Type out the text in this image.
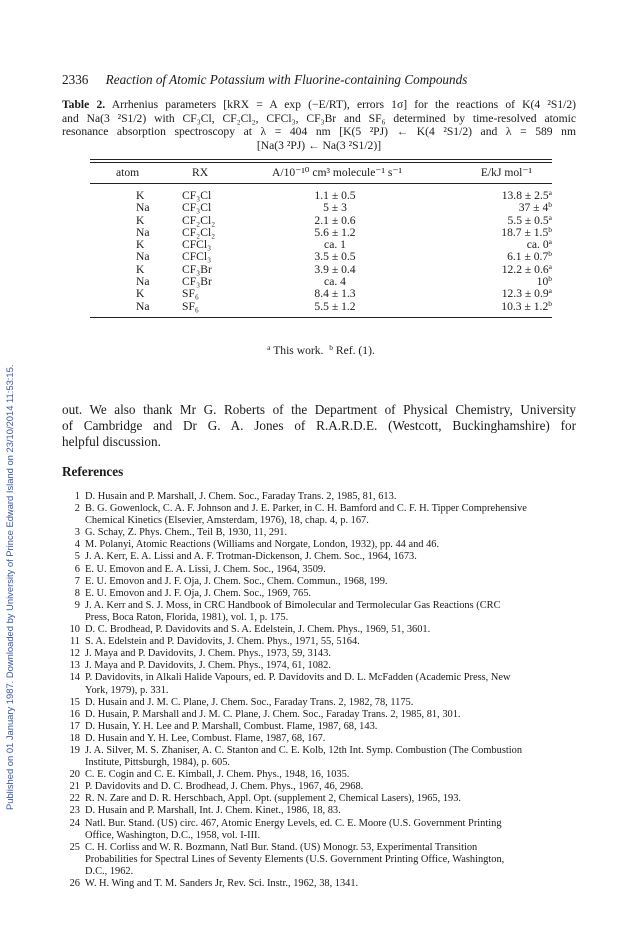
Published on 01 January 1987. Downloaded by University of Prince Edward Island on 23/10/2014 11:53:15.
2336 Reaction of Atomic Potassium with Fluorine-containing Compounds

Table 2. Arrhenius parameters [kRX = A exp (−E/RT), errors 1σ] for the reactions of K(4 ²S1/2)

and Na(3 ²S1/2) with CF₃Cl, CF₂Cl₂, CFCl₃, CF₃Br and SF₆ determined by time-resolved atomic

resonance absorption spectroscopy at λ = 404 nm [K(5 ²PJ) ← K(4 ²S1/2) and λ = 589 nm

[Na(3 ²PJ) ← Na(3 ²S1/2)]

atom	RX	A/10⁻¹⁰ cm³ molecule⁻¹ s⁻¹	E/kJ mol⁻¹
K	CF₃Cl	1.1 ± 0.5	13.8 ± 2.5$^a$
Na	CF₃Cl	5 ± 3	$37 \pm 4^b$
K	CF₂Cl₂	2.1 ± 0.6	5.5 ± 0.5$^a$
Na	CF₂Cl₂	5.6 ± 1.2	18.7 ± 1.5$^b$
K	CFCl₃	ca. 1	ca. 0$^a$
Na	CFCl₃	3.5 ± 0.5	6.1 ± 0.7$^b$
K	CF₃Br	3.9 ± 0.4	12.2 ± 0.6$^a$
Na	CF₃Br	ca. 4	10$^b$
K	SF₆	8.4 ± 1.3	12.3 ± 0.9$^a$
Na	SF₆	5.5 ± 1.2	10.3 ± 1.2$^b$
$^a$ This work. $^b$ Ref. (1).
out. We also thank Mr G. Roberts of the Department of Physical Chemistry, University
of Cambridge and Dr G. A. Jones of R.A.R.D.E. (Westcott, Buckinghamshire) for
helpful discussion.
References
1 D. Husain and P. Marshall, J. Chem. Soc., Faraday Trans. 2, 1985, 81, 613.
2 B. G. Gowenlock, C. A. F. Johnson and J. E. Parker, in C. H. Bamford and C. F. H. Tipper Comprehensive
Chemical Kinetics (Elsevier, Amsterdam, 1976), 18, chap. 4, p. 167.
3 G. Schay, Z. Phys. Chem., Teil B, 1930, 11, 291.
4 M. Polanyi, Atomic Reactions (Williams and Norgate, London, 1932), pp. 44 and 46.
5 J. A. Kerr, E. A. Lissi and A. F. Trotman-Dickenson, J. Chem. Soc., 1964, 1673.
6 E. U. Emovon and E. A. Lissi, J. Chem. Soc., 1964, 3509.
7 E. U. Emovon and J. F. Oja, J. Chem. Soc., Chem. Commun., 1968, 199.
8 E. U. Emovon and J. F. Oja, J. Chem. Soc., 1969, 765.
9 J. A. Kerr and S. J. Moss, in CRC Handbook of Bimolecular and Termolecular Gas Reactions (CRC
Press, Boca Raton, Florida, 1981), vol. 1, p. 175.
10 D. C. Brodhead, P. Davidovits and S. A. Edelstein, J. Chem. Phys., 1969, 51, 3601.
11 S. A. Edelstein and P. Davidovits, J. Chem. Phys., 1971, 55, 5164.
12 J. Maya and P. Davidovits, J. Chem. Phys., 1973, 59, 3143.
13 J. Maya and P. Davidovits, J. Chem. Phys., 1974, 61, 1082.
14 P. Davidovits, in Alkali Halide Vapours, ed. P. Davidovits and D. L. McFadden (Academic Press, New
York, 1979), p. 331.
15 D. Husain and J. M. C. Plane, J. Chem. Soc., Faraday Trans. 2, 1982, 78, 1175.
16 D. Husain, P. Marshall and J. M. C. Plane, J. Chem. Soc., Faraday Trans. 2, 1985, 81, 301.
17 D. Husain, Y. H. Lee and P. Marshall, Combust. Flame, 1987, 68, 143.
18 D. Husain and Y. H. Lee, Combust. Flame, 1987, 68, 167.
19 J. A. Silver, M. S. Zhaniser, A. C. Stanton and C. E. Kolb, 12th Int. Symp. Combustion (The Combustion
Institute, Pittsburgh, 1984), p. 605.
20 C. E. Cogin and C. E. Kimball, J. Chem. Phys., 1948, 16, 1035.
21 P. Davidovits and D. C. Brodhead, J. Chem. Phys., 1967, 46, 2968.
22 R. N. Zare and D. R. Herschbach, Appl. Opt. (supplement 2, Chemical Lasers), 1965, 193.
23 D. Husain and P. Marshall, Int. J. Chem. Kinet., 1986, 18, 83.
24 Natl. Bur. Stand. (US) circ. 467, Atomic Energy Levels, ed. C. E. Moore (U.S. Government Printing
Office, Washington, D.C., 1958, vol. I-III.
25 C. H. Corliss and W. R. Bozmann, Natl Bur. Stand. (US) Monogr. 53, Experimental Transition
Probabilities for Spectral Lines of Seventy Elements (U.S. Government Printing Office, Washington,
D.C., 1962.
26 W. H. Wing and T. M. Sanders Jr, Rev. Sci. Instr., 1962, 38, 1341.
